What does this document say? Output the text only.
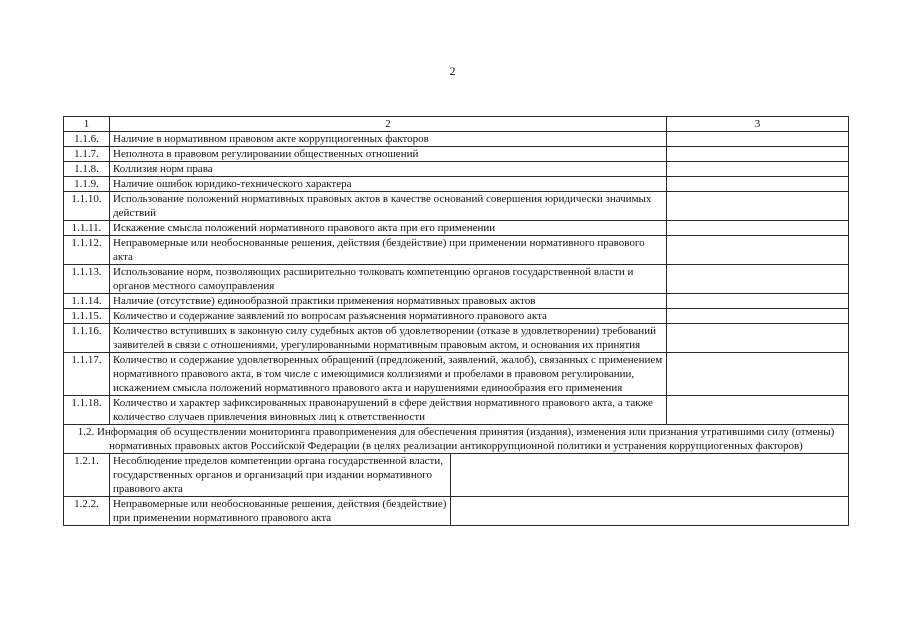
2
1	2		3
1.1.6.	Наличие в нормативном правовом акте коррупциогенных факторов		
1.1.7.	Неполнота в правовом регулировании общественных отношений		
1.1.8.	Коллизия норм права		
1.1.9.	Наличие ошибок юридико-технического характера		
1.1.10.	Использование положений нормативных правовых актов в качестве оснований совершения юридически значимых действий		
1.1.11.	Искажение смысла положений нормативного правового акта при его применении		
1.1.12.	Неправомерные или необоснованные решения, действия (бездействие) при применении нормативного правового акта		
1.1.13.	Использование норм, позволяющих расширительно толковать компетенцию органов государственной власти и органов местного самоуправления		
1.1.14.	Наличие (отсутствие) единообразной практики применения нормативных правовых актов		
1.1.15.	Количество и содержание заявлений по вопросам разъяснения нормативного правового акта		
1.1.16.	Количество вступивших в законную силу судебных актов об удовлетворении (отказе в удовлетворении) требований заявителей в связи с отношениями, урегулированными нормативным правовым актом, и основания их принятия		
1.1.17.	Количество и содержание удовлетворенных обращений (предложений, заявлений, жалоб), связанных с применением нормативного правового акта, в том числе с имеющимися коллизиями и пробелами в правовом регулировании, искажением смысла положений нормативного правового акта и нарушениями единообразия его применения		
1.1.18.	Количество и характер зафиксированных правонарушений в сфере действия нормативного правового акта, а также количество случаев привлечения виновных лиц к ответственности		
1.2. Информация об осуществлении мониторинга правоприменения для обеспечения принятия (издания), изменения или признания утратившими силу (отмены) нормативных правовых актов Российской Федерации (в целях реализации антикоррупционной политики и устранения коррупциогенных факторов)			
1.2.1.	Несоблюдение пределов компетенции органа государственной власти, государственных органов и организаций при издании нормативного правового акта		
1.2.2.	Неправомерные или необоснованные решения, действия (бездействие) при применении нормативного правового акта		
